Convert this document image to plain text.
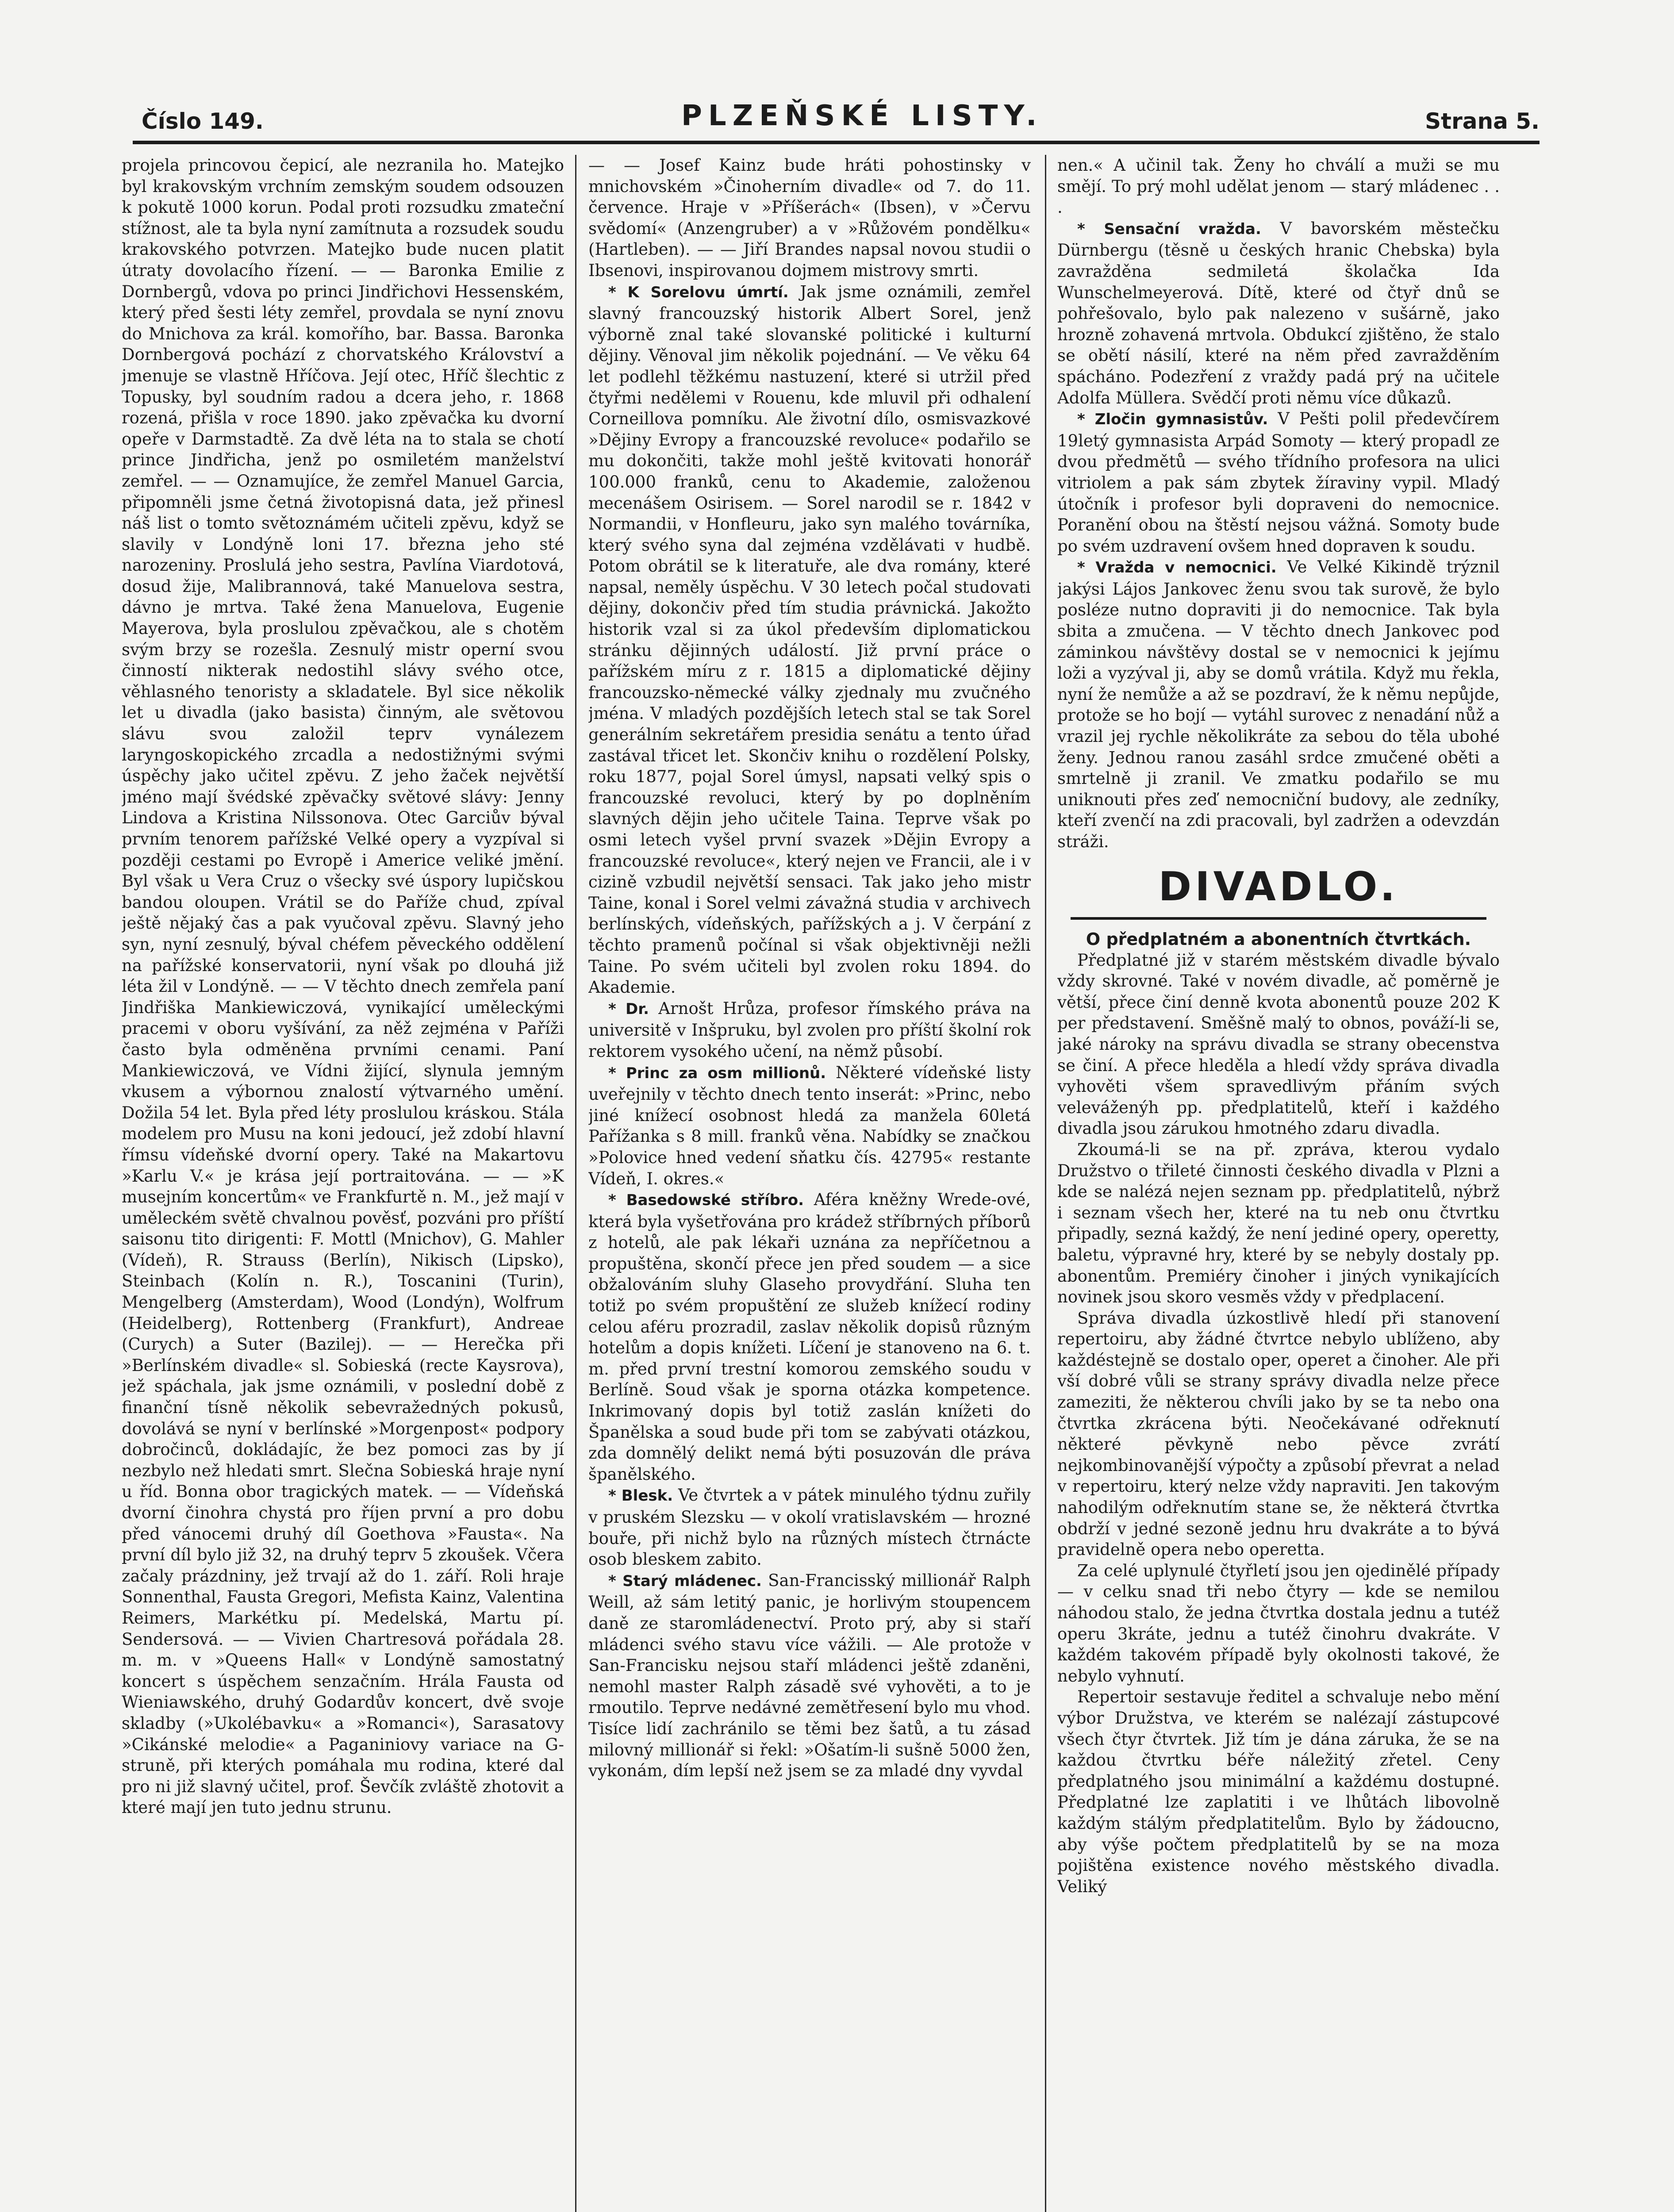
Číslo 149.	PLZEŇSKÉ LISTY.	Strana 5.

projela princovou čepicí, ale nezranila ho. Matejko byl krakovským vrchním zemským soudem odsouzen k pokutě 1000 korun. Podal proti rozsudku zmateční stížnost, ale ta byla nyní zamítnuta a rozsudek soudu krakovského potvrzen. Matejko bude nucen platit útraty dovolacího řízení. — — Baronka Emilie z Dornbergů, vdova po princi Jindřichovi Hessenském, který před šesti léty zemřel, provdala se nyní znovu do Mnichova za král. komořího, bar. Bassa. Baronka Dornbergová pochází z chorvatského Království a jmenuje se vlastně Hříčova. Její otec, Hříč šlechtic z Topusky, byl soudním radou a dcera jeho, r. 1868 rozená, přišla v roce 1890. jako zpěvačka ku dvorní opeře v Darmstadtě. Za dvě léta na to stala se chotí prince Jindřicha, jenž po osmiletém manželství zemřel. — — Oznamujíce, že zemřel Manuel Garcia, připomněli jsme četná životopisná data, jež přinesl náš list o tomto světoznámém učiteli zpěvu, když se slavily v Londýně loni 17. března jeho sté narozeniny. Proslulá jeho sestra, Pavlína Viardotová, dosud žije, Malibrannová, také Manuelova sestra, dávno je mrtva. Také žena Manuelova, Eugenie Mayerova, byla proslulou zpěvačkou, ale s chotěm svým brzy se rozešla. Zesnulý mistr operní svou činností nikterak nedostihl slávy svého otce, věhlasného tenoristy a skladatele. Byl sice několik let u divadla (jako basista) činným, ale světovou slávu svou založil teprv vynálezem laryngoskopického zrcadla a nedostižnými svými úspěchy jako učitel zpěvu. Z jeho žaček největší jméno mají švédské zpěvačky světové slávy: Jenny Lindova a Kristina Nilssonova. Otec Garciův býval prvním tenorem pařížské Velké opery a vyzpíval si později cestami po Evropě i Americe veliké jmění. Byl však u Vera Cruz o všecky své úspory lupičskou bandou oloupen. Vrátil se do Paříže chud, zpíval ještě nějaký čas a pak vyučoval zpěvu. Slavný jeho syn, nyní zesnulý, býval chéfem pěveckého oddělení na pařížské konservatorii, nyní však po dlouhá již léta žil v Londýně. — — V těchto dnech zemřela paní Jindřiška Mankiewiczová, vynikající uměleckými pracemi v oboru vyšívání, za něž zejména v Paříži často byla odměněna prvními cenami. Paní Mankiewiczová, ve Vídni žijící, slynula jemným vkusem a výbornou znalostí výtvarného umění. Dožila 54 let. Byla před léty proslulou kráskou. Stála modelem pro Musu na koni jedoucí, jež zdobí hlavní římsu vídeňské dvorní opery. Také na Makartovu »Karlu V.« je krása její portraitována. — — »K musejním koncertům« ve Frankfurtě n. M., jež mají v uměleckém světě chvalnou pověsť, pozváni pro příští saisonu tito dirigenti: F. Mottl (Mnichov), G. Mahler (Vídeň), R. Strauss (Berlín), Nikisch (Lipsko), Steinbach (Kolín n. R.), Toscanini (Turin), Mengelberg (Amsterdam), Wood (Londýn), Wolfrum (Heidelberg), Rottenberg (Frankfurt), Andreae (Curych) a Suter (Bazilej). — — Herečka při »Berlínském divadle« sl. Sobieská (recte Kaysrova), jež spáchala, jak jsme oznámili, v poslední době z finanční tísně několik sebevražedných pokusů, dovolává se nyní v berlínské »Morgenpost« podpory dobročinců, dokládajíc, že bez pomoci zas by jí nezbylo než hledati smrt. Slečna Sobieská hraje nyní u říd. Bonna obor tragických matek. — — Vídeňská dvorní činohra chystá pro říjen první a pro dobu před vánocemi druhý díl Goethova »Fausta«. Na první díl bylo již 32, na druhý teprv 5 zkoušek. Včera začaly prázdniny, jež trvají až do 1. září. Roli hraje Sonnenthal, Fausta Gregori, Mefista Kainz, Valentina Reimers, Markétku pí. Medelská, Martu pí. Sendersová. — — Vivien Chartresová pořádala 28. m. m. v »Queens Hall« v Londýně samostatný koncert s úspěchem senzačním. Hrála Fausta od Wieniawského, druhý Godardův koncert, dvě svoje skladby (»Ukolébavku« a »Romanci«), Sarasatovy »Cikánské melodie« a Paganiniovy variace na G-struně, při kterých pomáhala mu rodina, které dal pro ni již slavný učitel, prof. Ševčík zvláště zhotovit a které mají jen tuto jednu strunu.

— — Josef Kainz bude hráti pohostinsky v mnichovském »Činoherním divadle« od 7. do 11. července. Hraje v »Příšerách« (Ibsen), v »Červu svědomí« (Anzengruber) a v »Růžovém pondělku« (Hartleben). — — Jiří Brandes napsal novou studii o Ibsenovi, inspirovanou dojmem mistrovy smrti.

* K Sorelovu úmrtí. Jak jsme oznámili, zemřel slavný francouzský historik Albert Sorel, jenž výborně znal také slovanské politické i kulturní dějiny. Věnoval jim několik pojednání. — Ve věku 64 let podlehl těžkému nastuzení, které si utržil před čtyřmi nedělemi v Rouenu, kde mluvil při odhalení Corneillova pomníku. Ale životní dílo, osmisvazkové »Dějiny Evropy a francouzské revoluce« podařilo se mu dokončiti, takže mohl ještě kvitovati honorář 100.000 franků, cenu to Akademie, založenou mecenášem Osirisem. — Sorel narodil se r. 1842 v Normandii, v Honfleuru, jako syn malého továrníka, který svého syna dal zejména vzdělávati v hudbě. Potom obrátil se k literatuře, ale dva romány, které napsal, neměly úspěchu. V 30 letech počal studovati dějiny, dokončiv před tím studia právnická. Jakožto historik vzal si za úkol především diplomatickou stránku dějinných událostí. Již první práce o pařížském míru z r. 1815 a diplomatické dějiny francouzsko-německé války zjednaly mu zvučného jména. V mladých pozdějších letech stal se tak Sorel generálním sekretářem presidia senátu a tento úřad zastával třicet let. Skončiv knihu o rozdělení Polsky, roku 1877, pojal Sorel úmysl, napsati velký spis o francouzské revoluci, který by po doplněním slavných dějin jeho učitele Taina. Teprve však po osmi letech vyšel první svazek »Dějin Evropy a francouzské revoluce«, který nejen ve Francii, ale i v cizině vzbudil největší sensaci. Tak jako jeho mistr Taine, konal i Sorel velmi závažná studia v archivech berlínských, vídeňských, pařížských a j. V čerpání z těchto pramenů počínal si však objektivněji nežli Taine. Po svém učiteli byl zvolen roku 1894. do Akademie.

* Dr. Arnošt Hrůza, profesor římského práva na universitě v Inšpruku, byl zvolen pro příští školní rok rektorem vysokého učení, na němž působí.

* Princ za osm millionů. Některé vídeňské listy uveřejnily v těchto dnech tento inserát: »Princ, nebo jiné knížecí osobnost hledá za manžela 60letá Pařížanka s 8 mill. franků věna. Nabídky se značkou »Polovice hned vedení sňatku čís. 42795« restante Vídeň, I. okres.«

* Basedowské stříbro. Aféra kněžny Wrede-ové, která byla vyšetřována pro krádež stříbrných příborů z hotelů, ale pak lékaři uznána za nepříčetnou a propuštěna, skončí přece jen před soudem — a sice obžalováním sluhy Glaseho provydřání. Sluha ten totiž po svém propuštění ze služeb knížecí rodiny celou aféru prozradil, zaslav několik dopisů různým hotelům a dopis knížeti. Líčení je stanoveno na 6. t. m. před první trestní komorou zemského soudu v Berlíně. Soud však je sporna otázka kompetence. Inkrimovaný dopis byl totiž zaslán knížeti do Španělska a soud bude při tom se zabývati otázkou, zda domnělý delikt nemá býti posuzován dle práva španělského.

* Blesk. Ve čtvrtek a v pátek minulého týdnu zuřily v pruském Slezsku — v okolí vratislavském — hrozné bouře, při nichž bylo na různých místech čtrnácte osob bleskem zabito.

* Starý mládenec. San-Francisský millionář Ralph Weill, až sám letitý panic, je horlivým stoupencem daně ze staromládenectví. Proto prý, aby si staří mládenci svého stavu více vážili. — Ale protože v San-Francisku nejsou staří mládenci ještě zdaněni, nemohl master Ralph zásadě své vyhověti, a to je rmoutilo. Teprve nedávné zemětřesení bylo mu vhod. Tisíce lidí zachránilo se těmi bez šatů, a tu zásad milovný millionář si řekl: »Ošatím-li sušně 5000 žen, vykonám, dím lepší než jsem se za mladé dny vyvdal

nen.« A učinil tak. Ženy ho chválí a muži se mu smějí. To prý mohl udělat jenom — starý mládenec . . .

* Sensační vražda. V bavorském městečku Dürnbergu (těsně u českých hranic Chebska) byla zavražděna sedmiletá školačka Ida Wunschelmeyerová. Dítě, které od čtyř dnů se pohřešovalo, bylo pak nalezeno v sušárně, jako hrozně zohavená mrtvola. Obdukcí zjištěno, že stalo se obětí násilí, které na něm před zavražděním spácháno. Podezření z vraždy padá prý na učitele Adolfa Müllera. Svědčí proti němu více důkazů.

* Zločin gymnasistův. V Pešti polil předevčírem 19letý gymnasista Arpád Somoty — který propadl ze dvou předmětů — svého třídního profesora na ulici vitriolem a pak sám zbytek žíraviny vypil. Mladý útočník i profesor byli dopraveni do nemocnice. Poranění obou na štěstí nejsou vážná. Somoty bude po svém uzdravení ovšem hned dopraven k soudu.

* Vražda v nemocnici. Ve Velké Kikindě trýznil jakýsi Lájos Jankovec ženu svou tak surově, že bylo posléze nutno dopraviti ji do nemocnice. Tak byla sbita a zmučena. — V těchto dnech Jankovec pod záminkou návštěvy dostal se v nemocnici k jejímu loži a vyzýval ji, aby se domů vrátila. Když mu řekla, nyní že nemůže a až se pozdraví, že k němu nepůjde, protože se ho bojí — vytáhl surovec z nenadání nůž a vrazil jej rychle několikráte za sebou do těla ubohé ženy. Jednou ranou zasáhl srdce zmučené oběti a smrtelně ji zranil. Ve zmatku podařilo se mu uniknouti přes zeď nemocniční budovy, ale zedníky, kteří zvenčí na zdi pracovali, byl zadržen a odevzdán stráži.

DIVADLO.
O předplatném a abonentních čtvrtkách.

Předplatné již v starém městském divadle bývalo vždy skrovné. Také v novém divadle, ač poměrně je větší, přece činí denně kvota abonentů pouze 202 K per představení. Směšně malý to obnos, pováží-li se, jaké nároky na správu divadla se strany obecenstva se činí. A přece hleděla a hledí vždy správa divadla vyhověti všem spravedlivým přáním svých veleváženýh pp. předplatitelů, kteří i každého divadla jsou zárukou hmotného zdaru divadla.

Zkoumá-li se na př. zpráva, kterou vydalo Družstvo o třileté činnosti českého divadla v Plzni a kde se nalézá nejen seznam pp. předplatitelů, nýbrž i seznam všech her, které na tu neb onu čtvrtku připadly, sezná každý, že není jediné opery, operetty, baletu, výpravné hry, které by se nebyly dostaly pp. abonentům. Premiéry činoher i jiných vynikajících novinek jsou skoro vesměs vždy v předplacení.

Správa divadla úzkostlivě hledí při stanovení repertoiru, aby žádné čtvrtce nebylo ublíženo, aby každéstejně se dostalo oper, operet a činoher. Ale při vší dobré vůli se strany správy divadla nelze přece zameziti, že některou chvíli jako by se ta nebo ona čtvrtka zkrácena býti. Neočekávané odřeknutí některé pěvkyně nebo pěvce zvrátí nejkombinovanější výpočty a způsobí převrat a nelad v repertoiru, který nelze vždy napraviti. Jen takovým nahodilým odřeknutím stane se, že některá čtvrtka obdrží v jedné sezoně jednu hru dvakráte a to bývá pravidelně opera nebo operetta.

Za celé uplynulé čtyřletí jsou jen ojedinělé případy — v celku snad tři nebo čtyry — kde se nemilou náhodou stalo, že jedna čtvrtka dostala jednu a tutéž operu 3kráte, jednu a tutéž činohru dvakráte. V každém takovém případě byly okolnosti takové, že nebylo vyhnutí.

Repertoir sestavuje ředitel a schvaluje nebo mění výbor Družstva, ve kterém se nalézají zástupcové všech čtyr čtvrtek. Již tím je dána záruka, že se na každou čtvrtku béře náležitý zřetel. Ceny předplatného jsou minimální a každému dostupné. Předplatné lze zaplatiti i ve lhůtách libovolně každým stálým předplatitelům. Bylo by žádoucno, aby výše počtem předplatitelů by se na moza pojištěna existence nového městského divadla. Veliký
